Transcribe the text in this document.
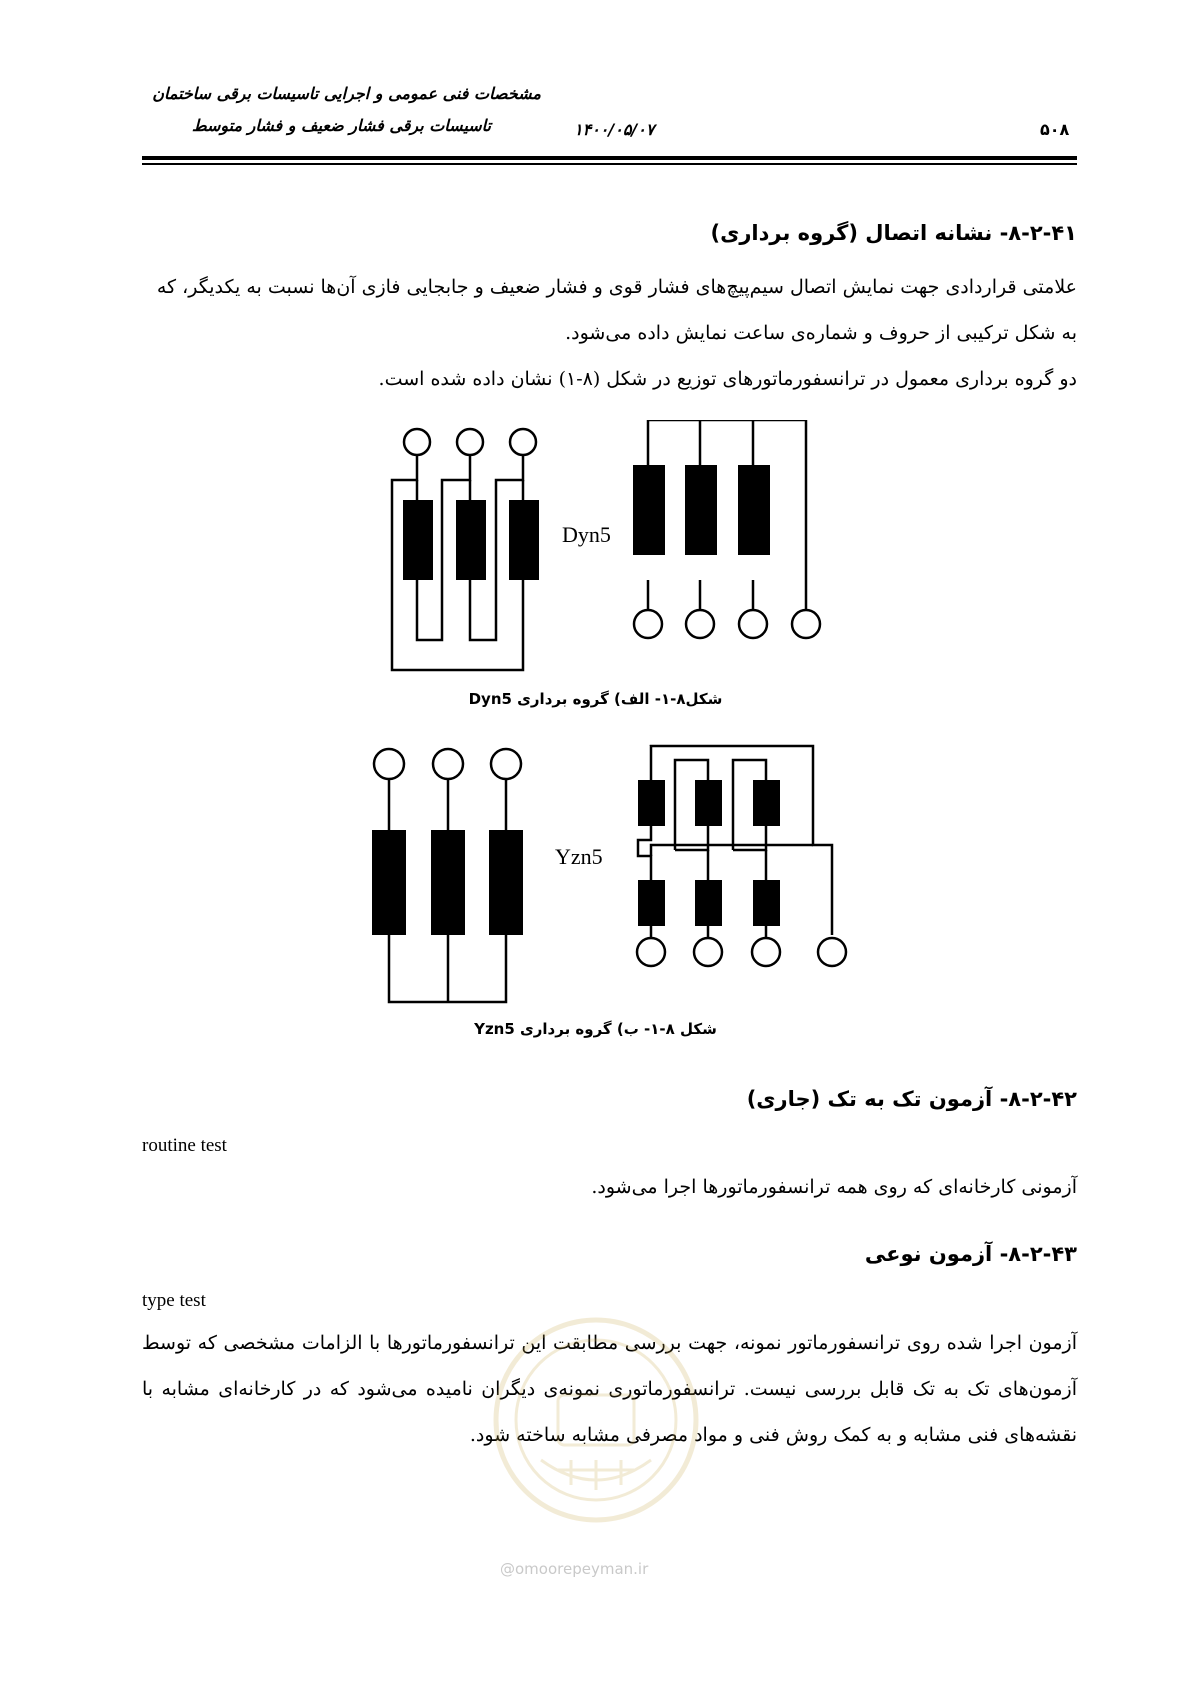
مشخصات فنی عمومی و اجرایی تاسیسات برقی ساختمان
تاسیسات برقی فشار ضعیف و فشار متوسط	۱۴۰۰/۰۵/۰۷	۵۰۸
۸-۲-۴۱- نشانه اتصال (گروه برداری)
علامتی قراردادی جهت نمایش اتصال سیم‌پیچ‌های فشار قوی و فشار ضعیف و جابجایی فازی آن‌ها نسبت به یکدیگر، که
به شکل ترکیبی از حروف و شماره‌ی ساعت نمایش داده می‌شود.
دو گروه برداری معمول در ترانسفورماتورهای توزیع در شکل (۸-۱) نشان داده شده است.
Dyn5
شکل۸-۱- الف) گروه برداری Dyn5
Yzn5
شکل ۸-۱- ب) گروه برداری Yzn5
۸-۲-۴۲- آزمون تک به تک (جاری)
routine test
آزمونی کارخانه‌ای که روی همه ترانسفورماتورها اجرا می‌شود.
۸-۲-۴۳- آزمون نوعی
type test
آزمون اجرا شده روی ترانسفورماتور نمونه، جهت بررسی مطابقت این ترانسفورماتورها با الزامات مشخصی که توسط
آزمون‌های تک به تک قابل بررسی نیست. ترانسفورماتوری نمونه‌ی دیگران نامیده می‌شود که در کارخانه‌ای مشابه با
نقشه‌های فنی مشابه و به کمک روش فنی و مواد مصرفی مشابه ساخته شود.
@omoorepeyman.ir
